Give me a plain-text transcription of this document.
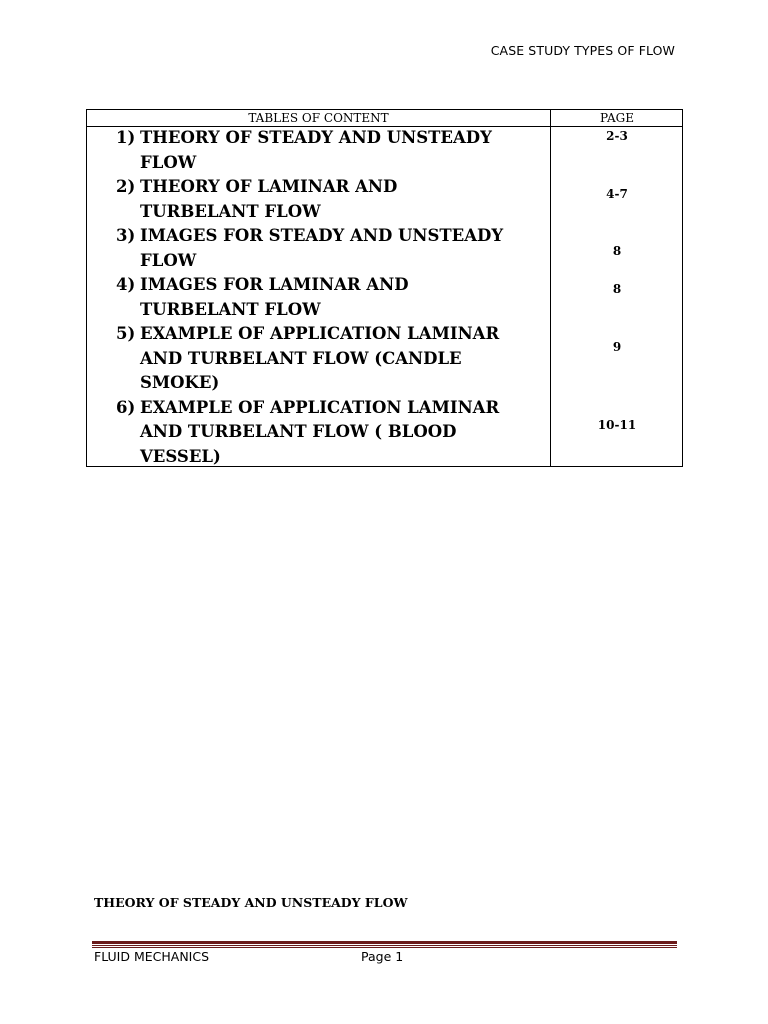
CASE STUDY TYPES OF FLOW
TABLES OF CONTENT	PAGE
1) THEORY OF STEADY AND UNSTEADY
FLOW
2) THEORY OF LAMINAR AND
TURBELANT FLOW
3) IMAGES FOR STEADY AND UNSTEADY
FLOW
4) IMAGES FOR LAMINAR AND
TURBELANT FLOW
5) EXAMPLE OF APPLICATION LAMINAR
AND TURBELANT FLOW (CANDLE
SMOKE)
6) EXAMPLE OF APPLICATION LAMINAR
AND TURBELANT FLOW ( BLOOD
VESSEL)
2-3
4-7
8
8
9
10-11
THEORY OF STEADY AND UNSTEADY FLOW
FLUID MECHANICS	Page 1
